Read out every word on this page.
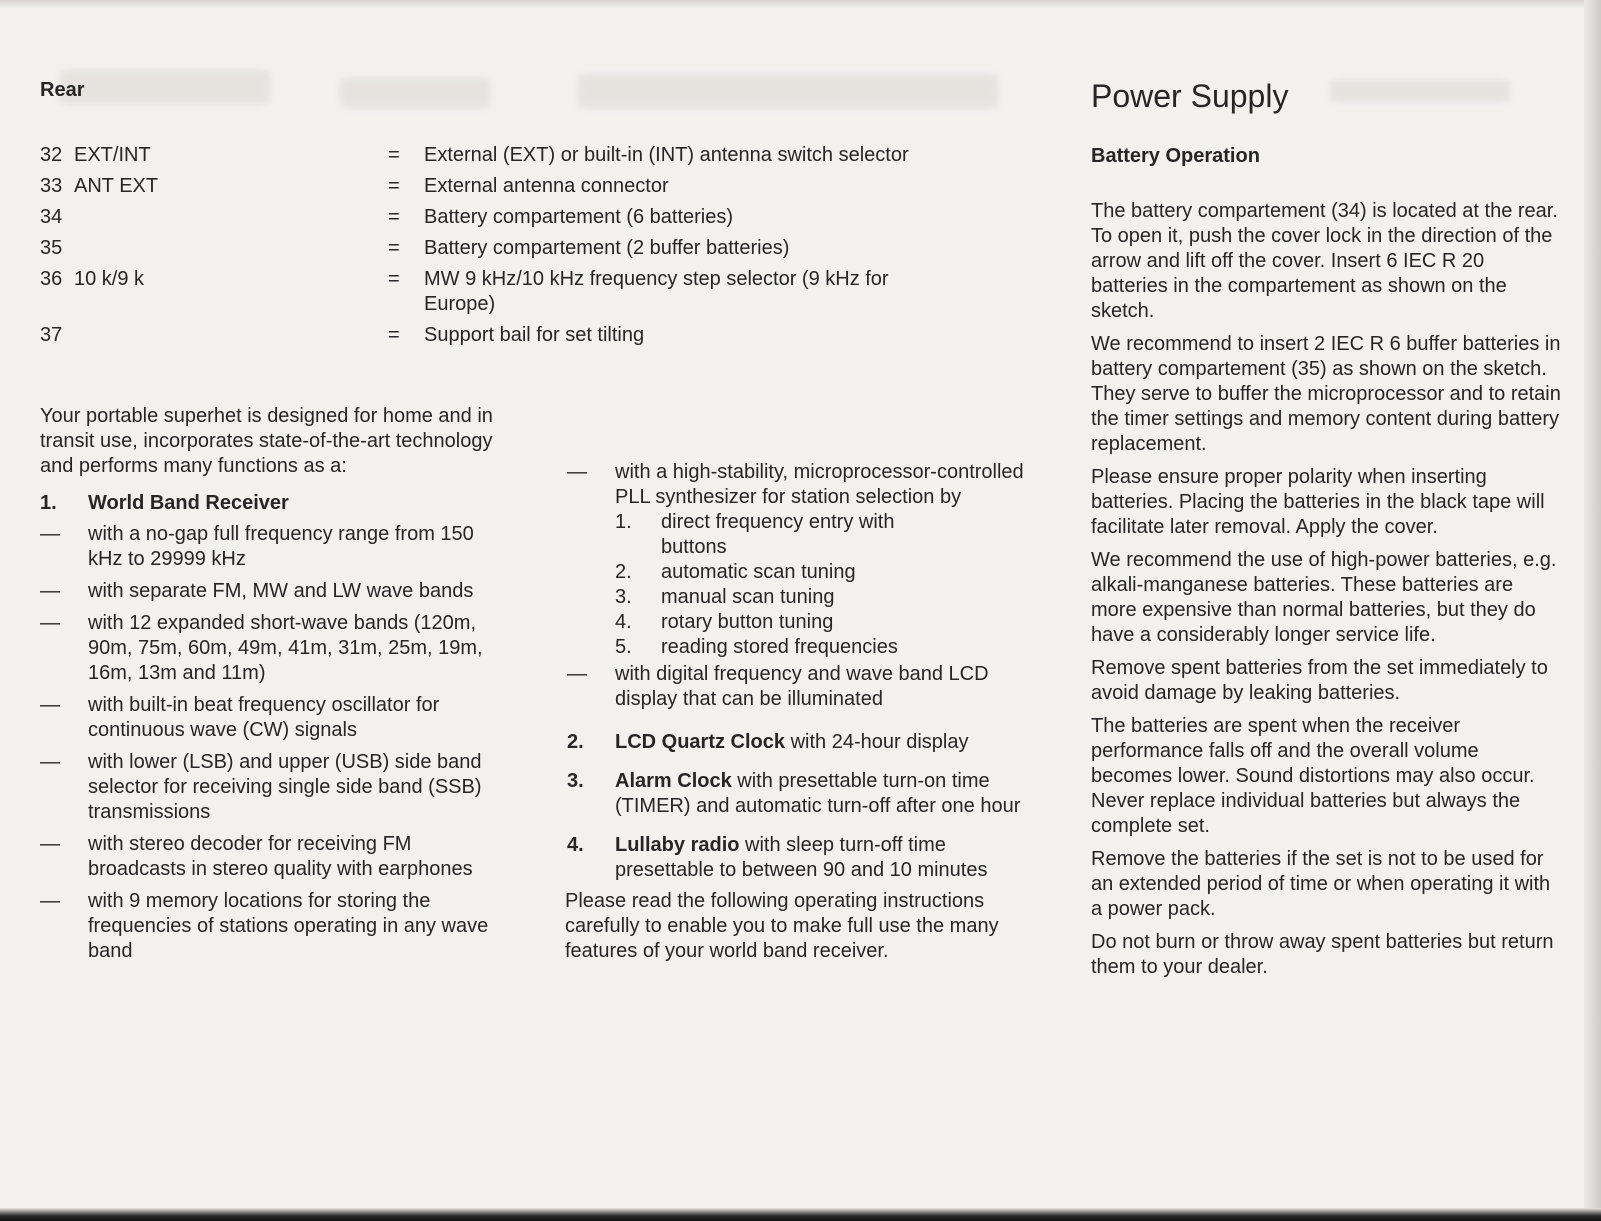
Rear
32 EXT/INT	=	External (EXT) or built-in (INT) antenna switch selector
33 ANT EXT	=	External antenna connector
34	=	Battery compartement (6 batteries)
35	=	Battery compartement (2 buffer batteries)
36 10 k/9 k	=	MW 9 kHz/10 kHz frequency step selector (9 kHz for Europe)
37	=	Support bail for set tilting

Your portable superhet is designed for home and in transit use, incorporates state-of-the-art technology and performs many functions as a:

1.	World Band Receiver
—	with a no-gap full frequency range from 150 kHz to 29999 kHz
—	with separate FM, MW and LW wave bands
—	with 12 expanded short-wave bands (120m, 90m, 75m, 60m, 49m, 41m, 31m, 25m, 19m, 16m, 13m and 11m)
—	with built-in beat frequency oscillator for continuous wave (CW) signals
—	with lower (LSB) and upper (USB) side band selector for receiving single side band (SSB) transmissions
—	with stereo decoder for receiving FM broadcasts in stereo quality with earphones
—	with 9 memory locations for storing the frequencies of stations operating in any wave band
—	with a high-stability, microprocessor-controlled PLL synthesizer for station selection by
1.	direct frequency entry with buttons
2.	automatic scan tuning
3.	manual scan tuning
4.	rotary button tuning
5.	reading stored frequencies
—	with digital frequency and wave band LCD display that can be illuminated
2.	LCD Quartz Clock with 24-hour display
3.	Alarm Clock with presettable turn-on time (TIMER) and automatic turn-off after one hour
4.	Lullaby radio with sleep turn-off time presettable to between 90 and 10 minutes

Please read the following operating instructions carefully to enable you to make full use the many features of your world band receiver.

Power Supply
Battery Operation

The battery compartement (34) is located at the rear. To open it, push the cover lock in the direction of the arrow and lift off the cover. Insert 6 IEC R 20 batteries in the compartement as shown on the sketch.

We recommend to insert 2 IEC R 6 buffer batteries in battery compartement (35) as shown on the sketch. They serve to buffer the microprocessor and to retain the timer settings and memory content during battery replacement.

Please ensure proper polarity when inserting batteries. Placing the batteries in the black tape will facilitate later removal. Apply the cover.

We recommend the use of high-power batteries, e.g. alkali-manganese batteries. These batteries are more expensive than normal batteries, but they do have a considerably longer service life.

Remove spent batteries from the set immediately to avoid damage by leaking batteries.

The batteries are spent when the receiver performance falls off and the overall volume becomes lower. Sound distortions may also occur. Never replace individual batteries but always the complete set.

Remove the batteries if the set is not to be used for an extended period of time or when operating it with a power pack.

Do not burn or throw away spent batteries but return them to your dealer.
